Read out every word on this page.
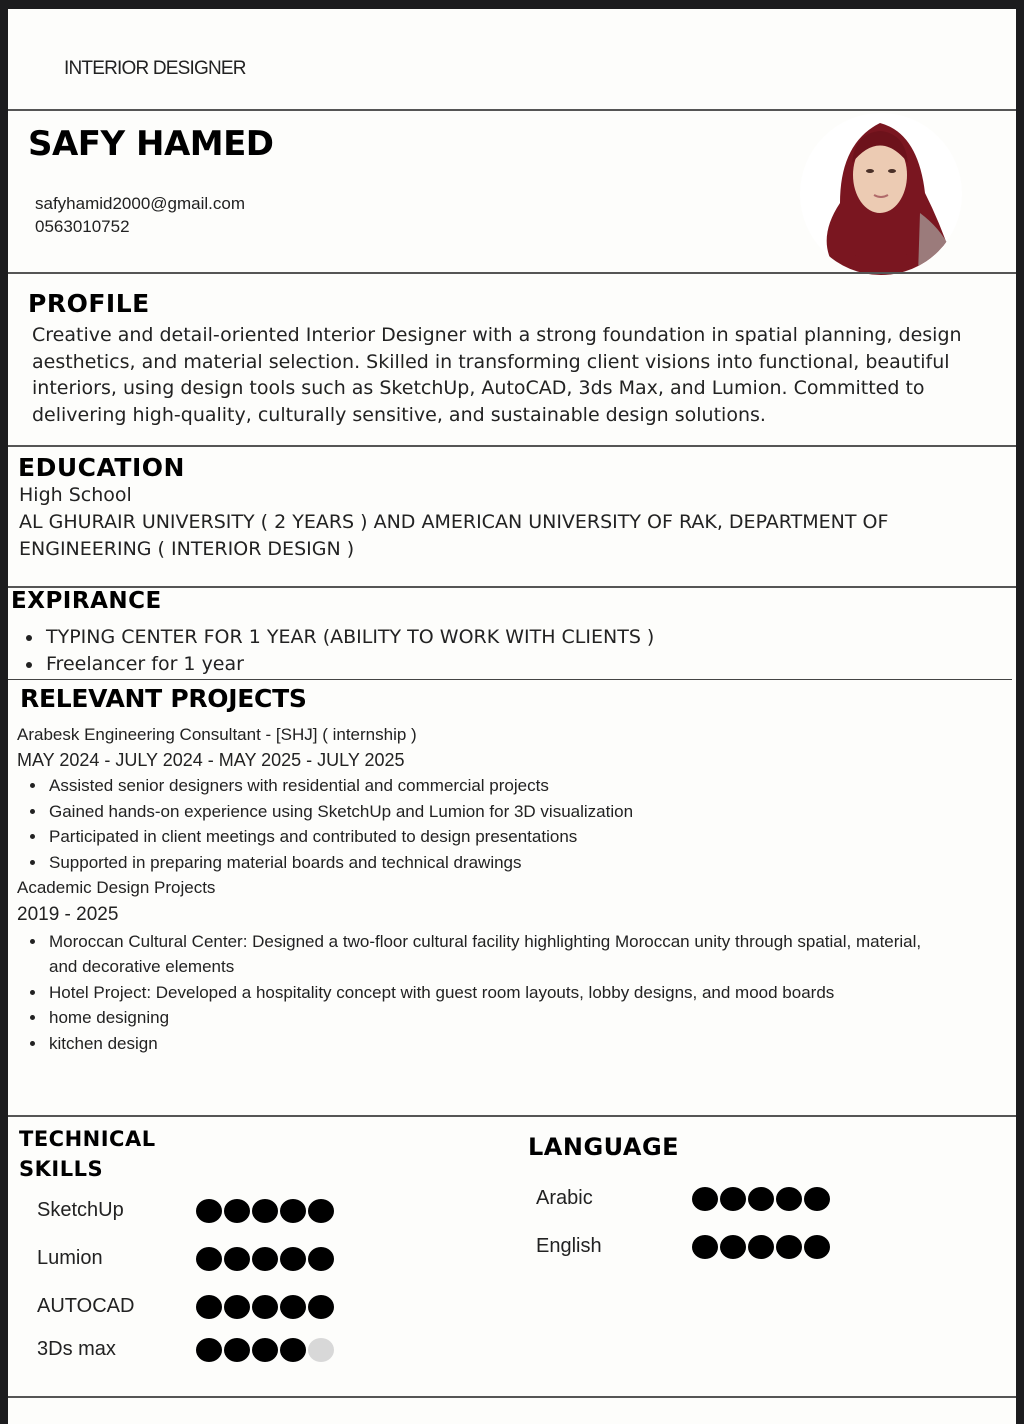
INTERIOR DESIGNER

SAFY HAMED

safyhamid2000@gmail.com

0563010752

PROFILE

Creative and detail-oriented Interior Designer with a strong foundation in spatial planning, design aesthetics, and material selection. Skilled in transforming client visions into functional, beautiful interiors, using design tools such as SketchUp, AutoCAD, 3ds Max, and Lumion. Committed to delivering high-quality, culturally sensitive, and sustainable design solutions.

EDUCATION

High School

AL GHURAIR UNIVERSITY ( 2 YEARS ) AND AMERICAN UNIVERSITY OF RAK, DEPARTMENT OF ENGINEERING ( INTERIOR DESIGN )

EXPIRANCE

• TYPING CENTER FOR 1 YEAR (ABILITY TO WORK WITH CLIENTS )
• Freelancer for 1 year

RELEVANT PROJECTS

Arabesk Engineering Consultant - [SHJ] ( internship )
MAY 2024 - JULY 2024 - MAY 2025 - JULY 2025
• Assisted senior designers with residential and commercial projects
• Gained hands-on experience using SketchUp and Lumion for 3D visualization
• Participated in client meetings and contributed to design presentations
• Supported in preparing material boards and technical drawings
Academic Design Projects
2019 - 2025
• Moroccan Cultural Center: Designed a two-floor cultural facility highlighting Moroccan unity through spatial, material, and decorative elements
• Hotel Project: Developed a hospitality concept with guest room layouts, lobby designs, and mood boards
• home designing
• kitchen design

TECHNICAL
SKILLS

SketchUp
Lumion
AUTOCAD
3Ds max

LANGUAGE

Arabic
English
